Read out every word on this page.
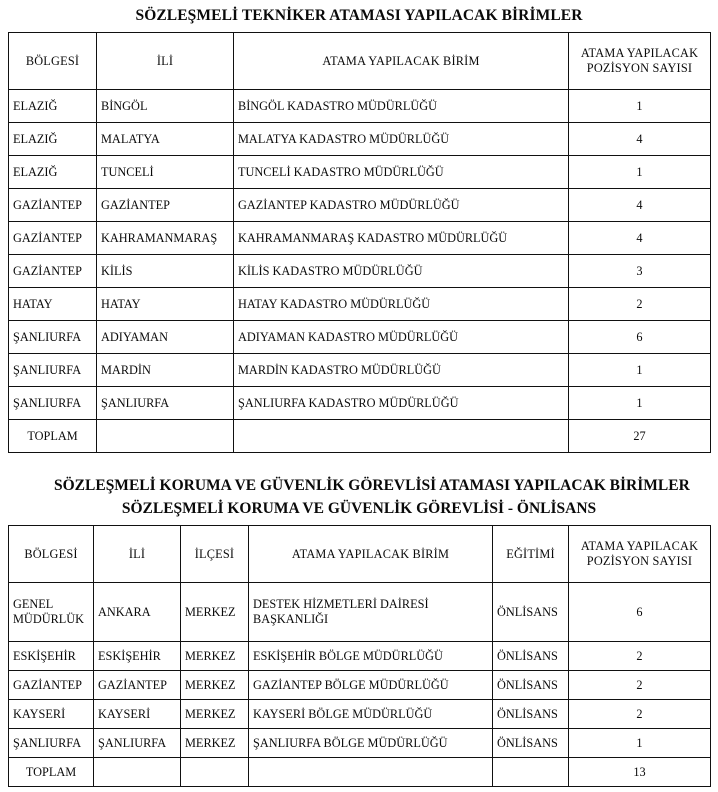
SÖZLEŞMELİ TEKNİKER ATAMASI YAPILACAK BİRİMLER
BÖLGESİ	İLİ	ATAMA YAPILACAK BİRİM	ATAMA YAPILACAK
POZİSYON SAYISI

ELAZIĞ	BİNGÖL	BİNGÖL KADASTRO MÜDÜRLÜĞÜ	1
ELAZIĞ	MALATYA	MALATYA KADASTRO MÜDÜRLÜĞÜ	4
ELAZIĞ	TUNCELİ	TUNCELİ KADASTRO MÜDÜRLÜĞÜ	1
GAZİANTEP	GAZİANTEP	GAZİANTEP KADASTRO MÜDÜRLÜĞÜ	4
GAZİANTEP	KAHRAMANMARAŞ	KAHRAMANMARAŞ KADASTRO MÜDÜRLÜĞÜ	4
GAZİANTEP	KİLİS	KİLİS KADASTRO MÜDÜRLÜĞÜ	3
HATAY	HATAY	HATAY KADASTRO MÜDÜRLÜĞÜ	2
ŞANLIURFA	ADIYAMAN	ADIYAMAN KADASTRO MÜDÜRLÜĞÜ	6
ŞANLIURFA	MARDİN	MARDİN KADASTRO MÜDÜRLÜĞÜ	1
ŞANLIURFA	ŞANLIURFA	ŞANLIURFA KADASTRO MÜDÜRLÜĞÜ	1
TOPLAM			27
SÖZLEŞMELİ KORUMA VE GÜVENLİK GÖREVLİSİ ATAMASI YAPILACAK BİRİMLER
SÖZLEŞMELİ KORUMA VE GÜVENLİK GÖREVLİSİ - ÖNLİSANS
BÖLGESİ	İLİ	İLÇESİ	ATAMA YAPILACAK BİRİM	EĞİTİMİ	ATAMA YAPILACAK
POZİSYON SAYISI

GENEL MÜDÜRLÜK	ANKARA	MERKEZ	DESTEK HİZMETLERİ DAİRESİ BAŞKANLIĞI	ÖNLİSANS	6
ESKİŞEHİR	ESKİŞEHİR	MERKEZ	ESKİŞEHİR BÖLGE MÜDÜRLÜĞÜ	ÖNLİSANS	2
GAZİANTEP	GAZİANTEP	MERKEZ	GAZİANTEP BÖLGE MÜDÜRLÜĞÜ	ÖNLİSANS	2
KAYSERİ	KAYSERİ	MERKEZ	KAYSERİ BÖLGE MÜDÜRLÜĞÜ	ÖNLİSANS	2
ŞANLIURFA	ŞANLIURFA	MERKEZ	ŞANLIURFA BÖLGE MÜDÜRLÜĞÜ	ÖNLİSANS	1
TOPLAM					13
